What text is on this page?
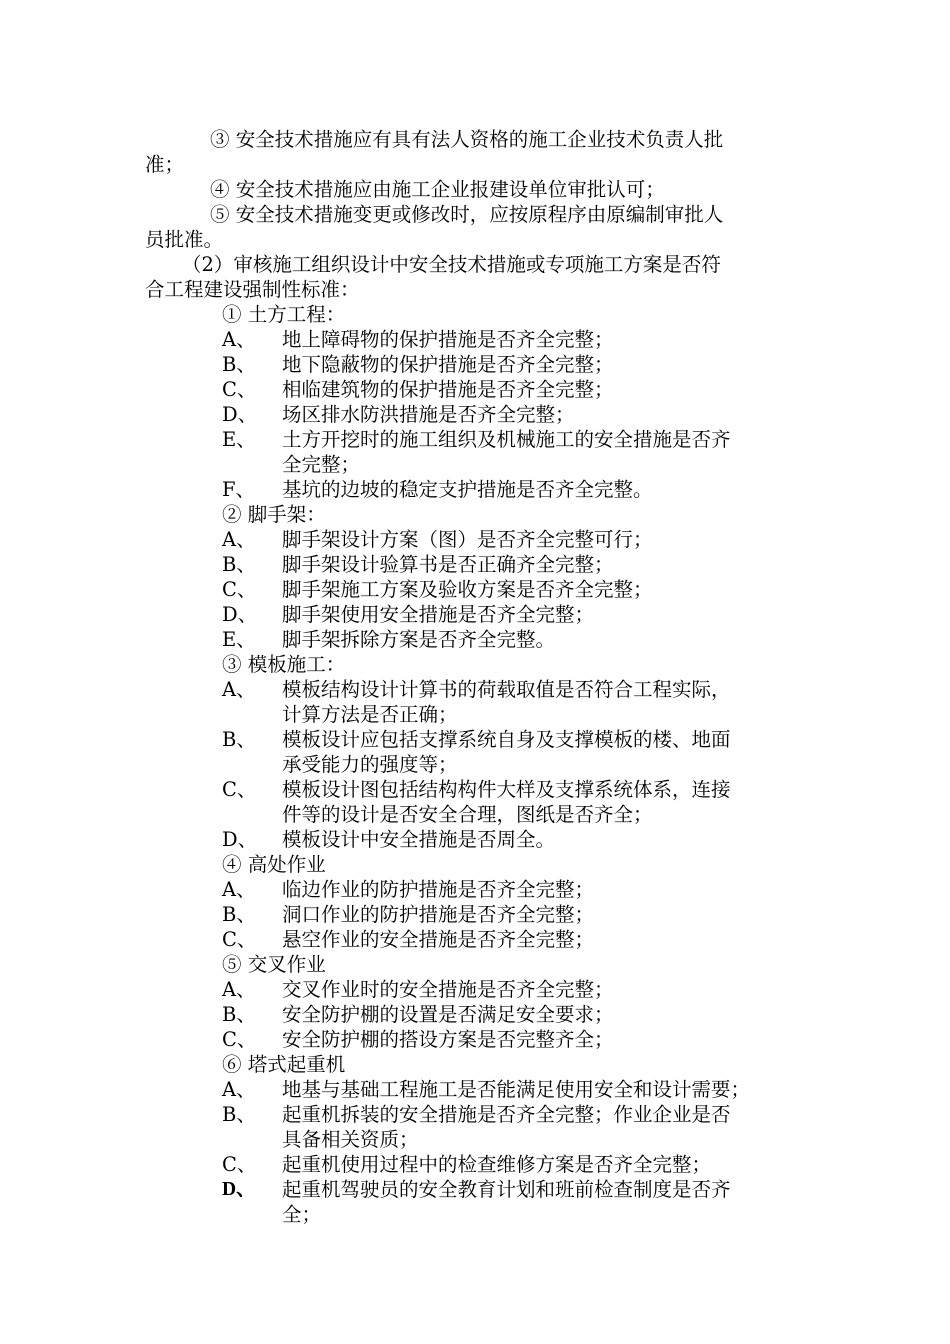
③ 安全技术措施应有具有法人资格的施工企业技术负责人批

准；

④ 安全技术措施应由施工企业报建设单位审批认可；

⑤ 安全技术措施变更或修改时，应按原程序由原编制审批人

员批准。

（2）审核施工组织设计中安全技术措施或专项施工方案是否符

合工程建设强制性标准：

① 土方工程：

A、 地上障碍物的保护措施是否齐全完整；
B、 地下隐蔽物的保护措施是否齐全完整；
C、 相临建筑物的保护措施是否齐全完整；
D、 场区排水防洪措施是否齐全完整；
E、 土方开挖时的施工组织及机械施工的安全措施是否齐
全完整；
F、 基坑的边坡的稳定支护措施是否齐全完整。

② 脚手架：

A、 脚手架设计方案（图）是否齐全完整可行；
B、 脚手架设计验算书是否正确齐全完整；
C、 脚手架施工方案及验收方案是否齐全完整；
D、 脚手架使用安全措施是否齐全完整；
E、 脚手架拆除方案是否齐全完整。

③ 模板施工：

A、 模板结构设计计算书的荷载取值是否符合工程实际，
计算方法是否正确；
B、 模板设计应包括支撑系统自身及支撑模板的楼、地面
承受能力的强度等；
C、 模板设计图包括结构构件大样及支撑系统体系，连接
件等的设计是否安全合理，图纸是否齐全；
D、 模板设计中安全措施是否周全。

④ 高处作业

A、 临边作业的防护措施是否齐全完整；
B、 洞口作业的防护措施是否齐全完整；
C、 悬空作业的安全措施是否齐全完整；

⑤ 交叉作业

A、 交叉作业时的安全措施是否齐全完整；
B、 安全防护棚的设置是否满足安全要求；
C、 安全防护棚的搭设方案是否完整齐全；

⑥ 塔式起重机

A、 地基与基础工程施工是否能满足使用安全和设计需要；
B、 起重机拆装的安全措施是否齐全完整；作业企业是否
具备相关资质；
C、 起重机使用过程中的检查维修方案是否齐全完整；
D、 起重机驾驶员的安全教育计划和班前检查制度是否齐
全；
